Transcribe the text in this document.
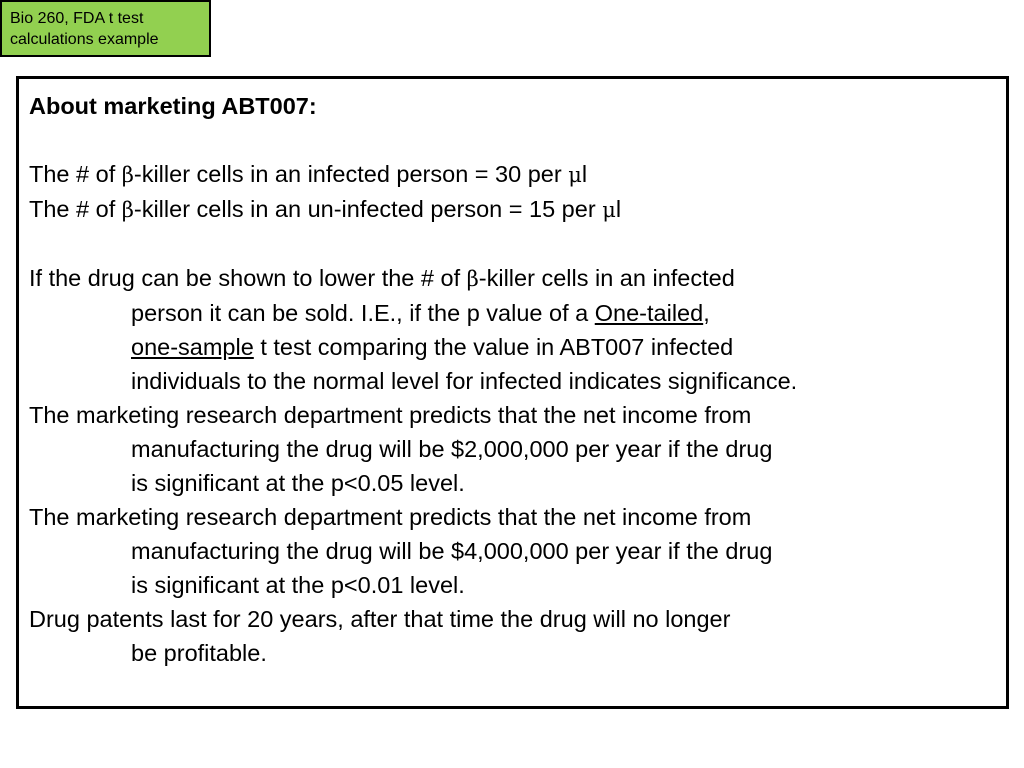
Bio 260, FDA t test
calculations example
About marketing ABT007:
The # of β-killer cells in an infected person = 30 per μl
The # of β-killer cells in an un-infected person = 15 per μl
If the drug can be shown to lower the # of β-killer cells in an infected
person it can be sold. I.E., if the p value of a One-tailed,
one-sample t test comparing the value in ABT007 infected
individuals to the normal level for infected indicates significance.
The marketing research department predicts that the net income from
manufacturing the drug will be $2,000,000 per year if the drug
is significant at the p<0.05 level.
The marketing research department predicts that the net income from
manufacturing the drug will be $4,000,000 per year if the drug
is significant at the p<0.01 level.
Drug patents last for 20 years, after that time the drug will no longer
be profitable.
